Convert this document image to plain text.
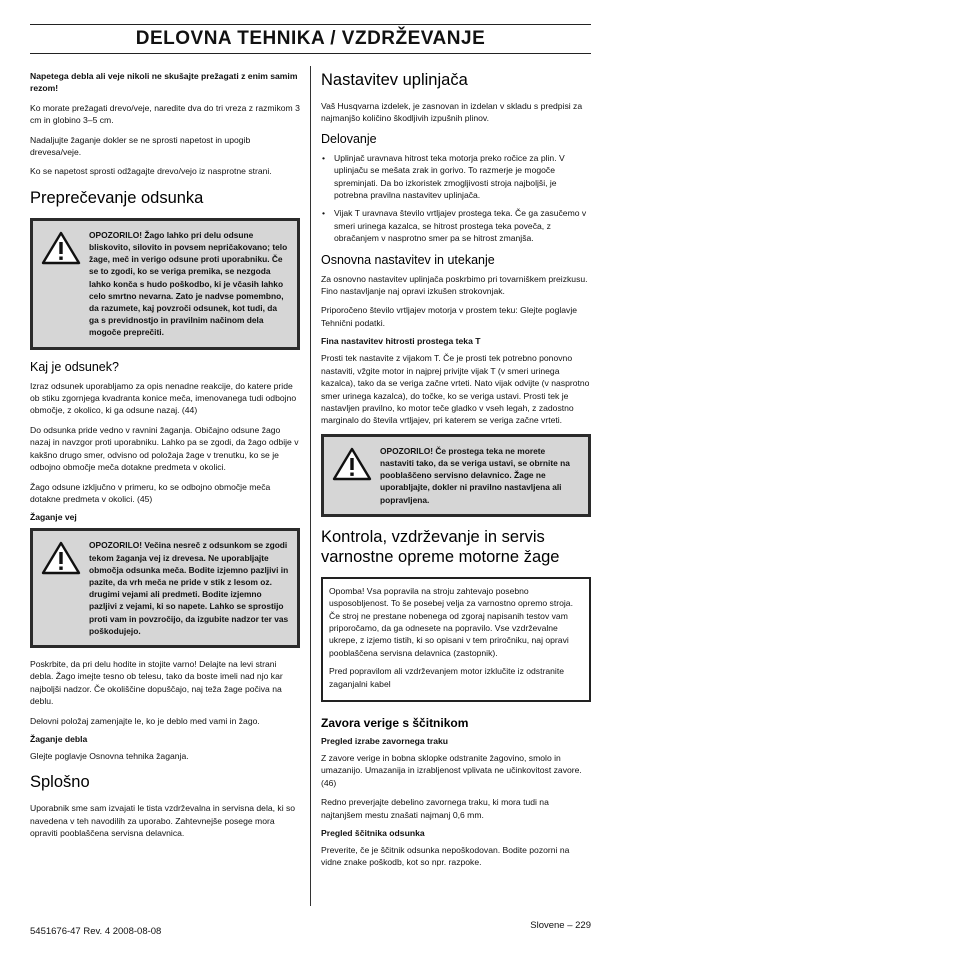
DELOVNA TEHNIKA / VZDRŽEVANJE

Napetega debla ali veje nikoli ne skušajte prežagati z enim samim rezom!

Ko morate prežagati drevo/veje, naredite dva do tri vreza z razmikom 3 cm in globino 3–5 cm.

Nadaljujte žaganje dokler se ne sprosti napetost in upogib drevesa/veje.

Ko se napetost sprosti odžagajte drevo/vejo iz nasprotne strani.

Preprečevanje odsunka
OPOZORILO! Žago lahko pri delu odsune bliskovito, silovito in povsem nepričakovano; telo žage, meč in verigo odsune proti uporabniku. Če se to zgodi, ko se veriga premika, se nezgoda lahko konča s hudo poškodbo, ki je včasih lahko celo smrtno nevarna. Zato je nadvse pomembno, da razumete, kaj povzroči odsunek, kot tudi, da ga s previdnostjo in pravilnim načinom dela mogoče preprečiti.
Kaj je odsunek?

Izraz odsunek uporabljamo za opis nenadne reakcije, do katere pride ob stiku zgornjega kvadranta konice meča, imenovanega tudi odbojno območje, z okolico, ki ga odsune nazaj. (44)

Do odsunka pride vedno v ravnini žaganja. Običajno odsune žago nazaj in navzgor proti uporabniku. Lahko pa se zgodi, da žago odbije v kakšno drugo smer, odvisno od položaja žage v trenutku, ko se je odbojno območje meča dotakne predmeta v okolici.

Žago odsune izključno v primeru, ko se odbojno območje meča dotakne predmeta v okolici. (45)

Žaganje vej
OPOZORILO! Večina nesreč z odsunkom se zgodi tekom žaganja vej iz drevesa. Ne uporabljajte območja odsunka meča. Bodite izjemno pazljivi in pazite, da vrh meča ne pride v stik z lesom oz. drugimi vejami ali predmeti. Bodite izjemno pazljivi z vejami, ki so napete. Lahko se sprostijo proti vam in povzročijo, da izgubite nadzor ter vas poškodujejo.

Poskrbite, da pri delu hodite in stojite varno! Delajte na levi strani debla. Žago imejte tesno ob telesu, tako da boste imeli nad njo kar najboljši nadzor. Če okoliščine dopuščajo, naj teža žage počiva na deblu.

Delovni položaj zamenjajte le, ko je deblo med vami in žago.

Žaganje debla

Glejte poglavje Osnovna tehnika žaganja.

Splošno

Uporabnik sme sam izvajati le tista vzdrževalna in servisna dela, ki so navedena v teh navodilih za uporabo. Zahtevnejše posege mora opraviti pooblaščena servisna delavnica.

Nastavitev uplinjača

Vaš Husqvarna izdelek, je zasnovan in izdelan v skladu s predpisi za najmanjšo količino škodljivih izpušnih plinov.

Delovanje
• Uplinjač uravnava hitrost teka motorja preko ročice za plin. V uplinjaču se mešata zrak in gorivo. To razmerje je mogoče spreminjati. Da bo izkoristek zmogljivosti stroja najboljši, je potrebna pravilna nastavitev uplinjača.
• Vijak T uravnava število vrtljajev prostega teka. Če ga zasučemo v smeri urinega kazalca, se hitrost prostega teka poveča, z obračanjem v nasprotno smer pa se hitrost zmanjša.
Osnovna nastavitev in utekanje

Za osnovno nastavitev uplinjača poskrbimo pri tovarniškem preizkusu. Fino nastavljanje naj opravi izkušen strokovnjak.

Priporočeno število vrtljajev motorja v prostem teku: Glejte poglavje Tehnični podatki.

Fina nastavitev hitrosti prostega teka T

Prosti tek nastavite z vijakom T. Če je prosti tek potrebno ponovno nastaviti, vžgite motor in najprej privijte vijak T (v smeri urinega kazalca), tako da se veriga začne vrteti. Nato vijak odvijte (v nasprotno smer urinega kazalca), do točke, ko se veriga ustavi. Prosti tek je nastavljen pravilno, ko motor teče gladko v vseh legah, z zadostno marginalo do števila vrtljajev, pri katerem se veriga začne vrteti.

OPOZORILO! Če prostega teka ne morete nastaviti tako, da se veriga ustavi, se obrnite na pooblaščeno servisno delavnico. Žage ne uporabljajte, dokler ni pravilno nastavljena ali popravljena.
Kontrola, vzdrževanje in servis varnostne opreme motorne žage

Opomba! Vsa popravila na stroju zahtevajo posebno usposobljenost. To še posebej velja za varnostno opremo stroja. Če stroj ne prestane nobenega od zgoraj napisanih testov vam priporočamo, da ga odnesete na popravilo. Vse vzdrževalne ukrepe, z izjemo tistih, ki so opisani v tem priročniku, naj opravi pooblaščena servisna delavnica (zastopnik).

Pred popravilom ali vzdrževanjem motor izklučite iz odstranite zaganjalni kabel

Zavora verige s ščitnikom
Pregled izrabe zavornega traku

Z zavore verige in bobna sklopke odstranite žagovino, smolo in umazanijo. Umazanija in izrabljenost vplivata ne učinkovitost zavore. (46)

Redno preverjajte debelino zavornega traku, ki mora tudi na najtanjšem mestu znašati najmanj 0,6 mm.

Pregled ščitnika odsunka

Preverite, če je ščitnik odsunka nepoškodovan. Bodite pozorni na vidne znake poškodb, kot so npr. razpoke.

5451676-47 Rev. 4 2008-08-08
Slovene – 229
